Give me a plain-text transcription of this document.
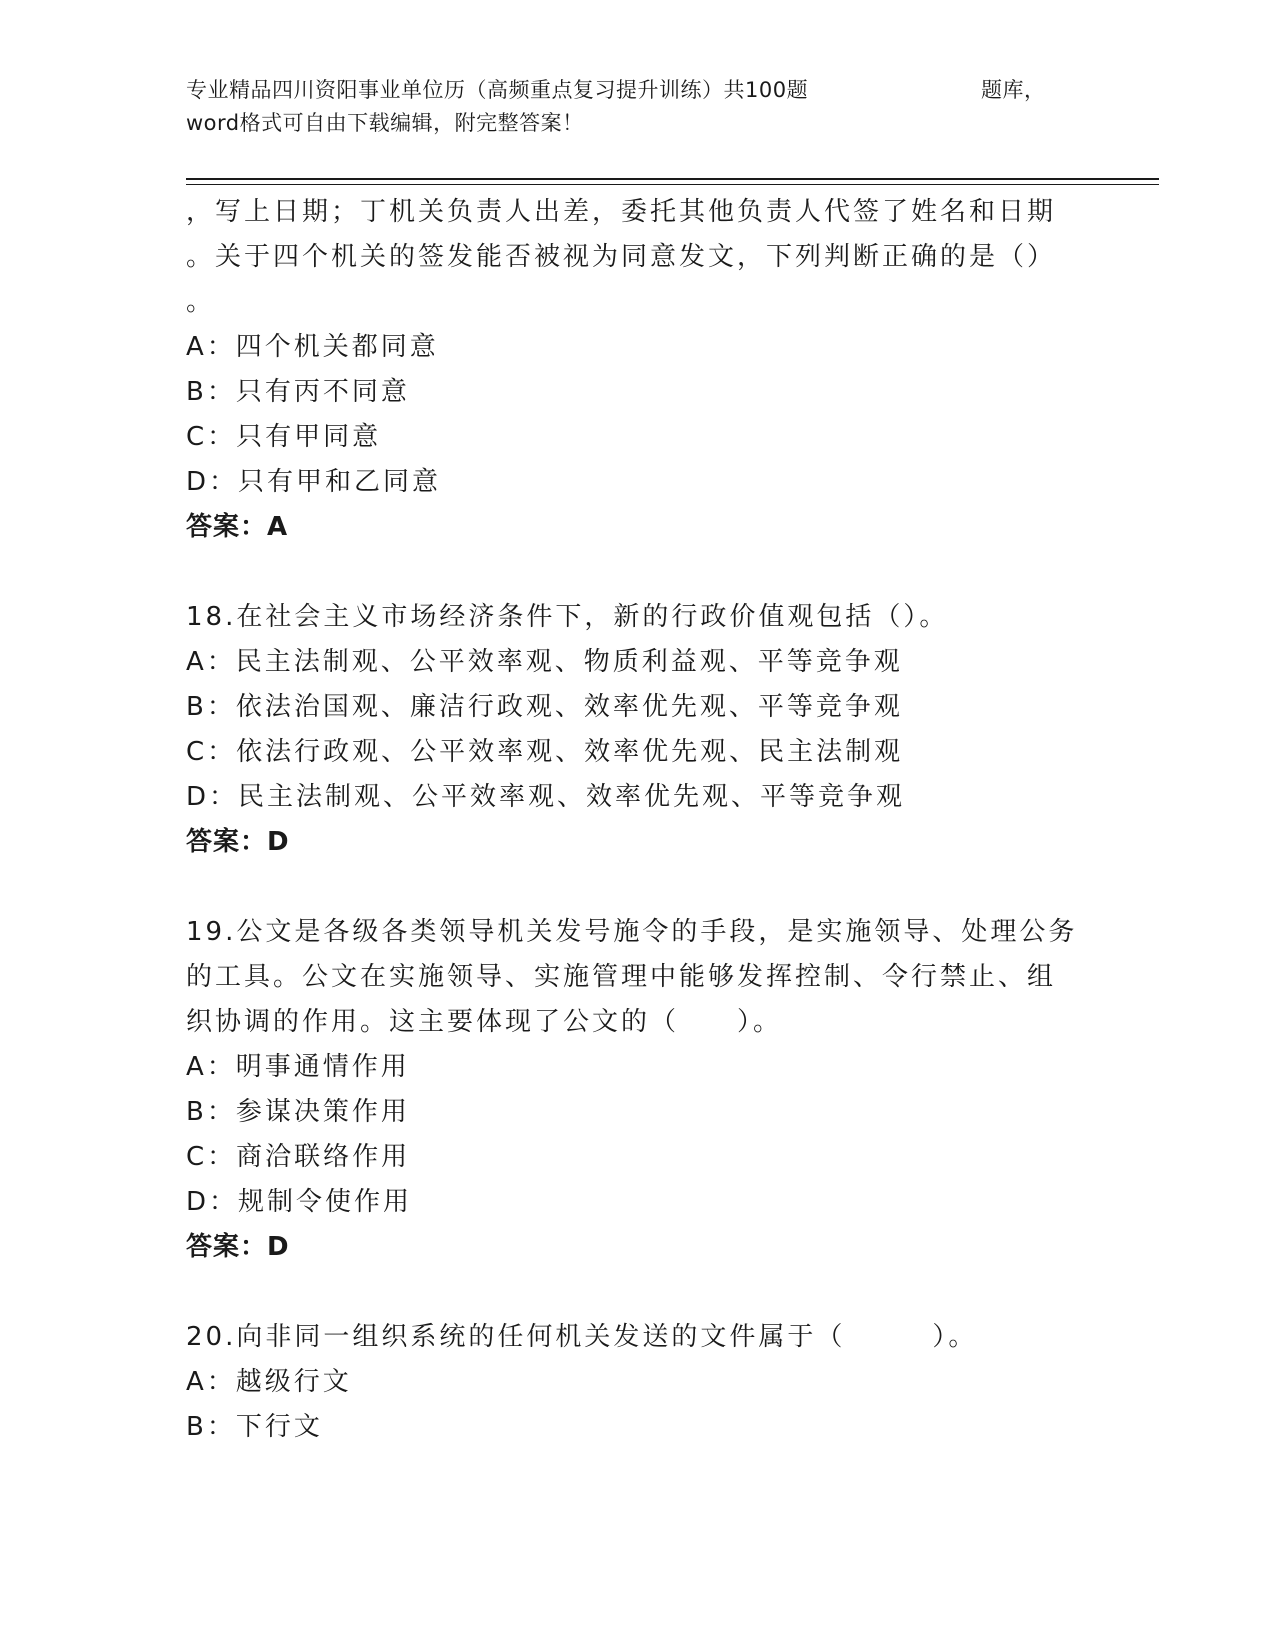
专业精品四川资阳事业单位历（高频重点复习提升训练）共100题	题库，
word格式可自由下载编辑，附完整答案！

，写上日期；丁机关负责人出差，委托其他负责人代签了姓名和日期

。关于四个机关的签发能否被视为同意发文，下列判断正确的是（）

。

A：四个机关都同意

B：只有丙不同意

C：只有甲同意

D：只有甲和乙同意

答案：A

18.在社会主义市场经济条件下，新的行政价值观包括（）。

A：民主法制观、公平效率观、物质利益观、平等竞争观

B：依法治国观、廉洁行政观、效率优先观、平等竞争观

C：依法行政观、公平效率观、效率优先观、民主法制观

D：民主法制观、公平效率观、效率优先观、平等竞争观

答案：D

19.公文是各级各类领导机关发号施令的手段，是实施领导、处理公务

的工具。公文在实施领导、实施管理中能够发挥控制、令行禁止、组

织协调的作用。这主要体现了公文的（　　）。

A：明事通情作用

B：参谋决策作用

C：商洽联络作用

D：规制令使作用

答案：D

20.向非同一组织系统的任何机关发送的文件属于（　　　）。

A：越级行文

B：下行文
